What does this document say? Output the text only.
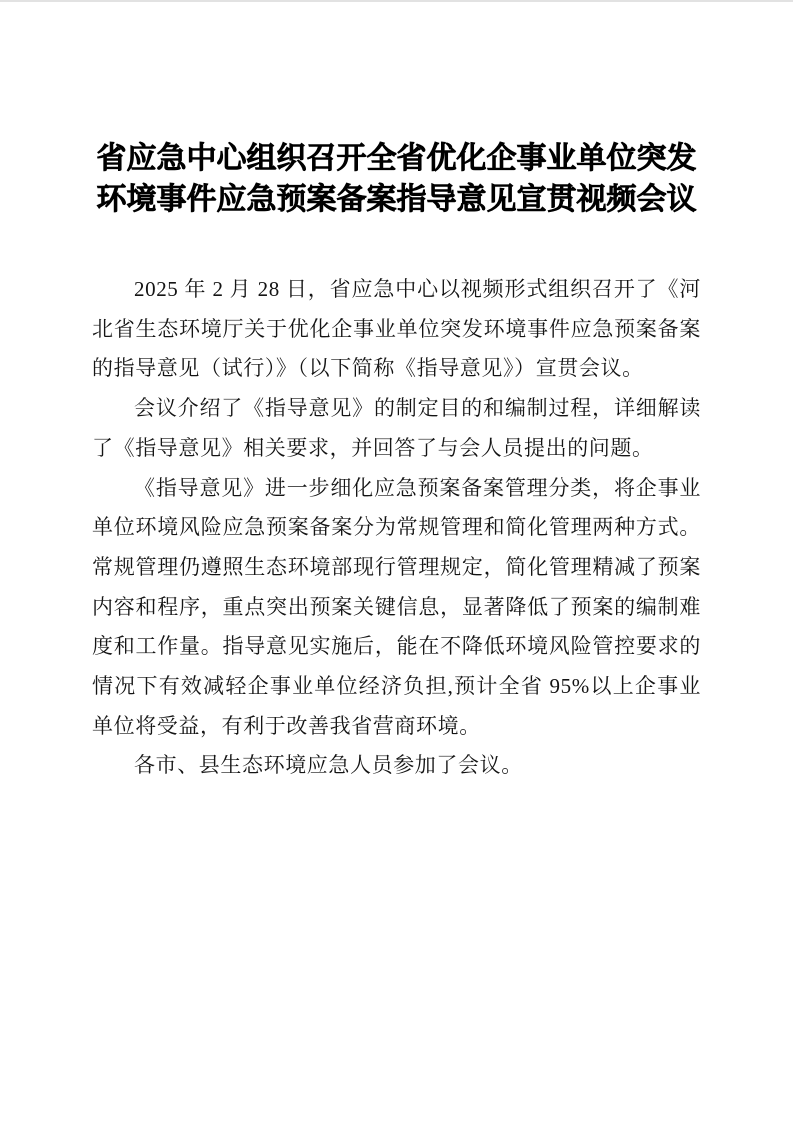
省应急中心组织召开全省优化企事业单位突发
环境事件应急预案备案指导意见宣贯视频会议

2025 年 2 月 28 日，省应急中心以视频形式组织召开了《河北省生态环境厅关于优化企事业单位突发环境事件应急预案备案的指导意见（试行）》（以下简称《指导意见》）宣贯会议。

会议介绍了《指导意见》的制定目的和编制过程，详细解读了《指导意见》相关要求，并回答了与会人员提出的问题。

《指导意见》进一步细化应急预案备案管理分类，将企事业单位环境风险应急预案备案分为常规管理和简化管理两种方式。常规管理仍遵照生态环境部现行管理规定，简化管理精减了预案内容和程序，重点突出预案关键信息，显著降低了预案的编制难度和工作量。指导意见实施后，能在不降低环境风险管控要求的情况下有效减轻企事业单位经济负担,预计全省 95%以上企事业单位将受益，有利于改善我省营商环境。

各市、县生态环境应急人员参加了会议。
